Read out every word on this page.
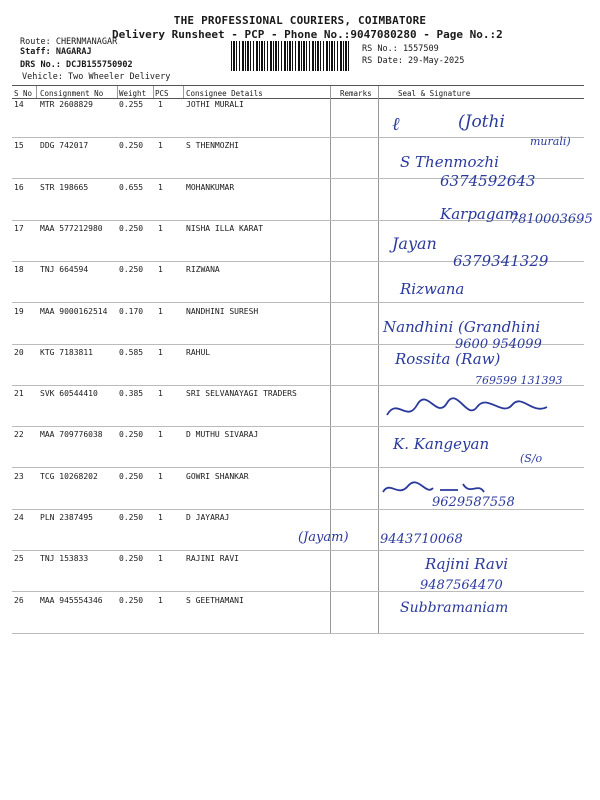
THE PROFESSIONAL COURIERS, COIMBATORE
Delivery Runsheet - PCP - Phone No.:9047080280 - Page No.:2
Route: CHERNMANAGAR
Staff: NAGARAJ
DRS No.: DCJB155750902
Vehicle: Two Wheeler Delivery
RS No.: 1557509
RS Date: 29-May-2025
S No Consignment No Weight PCS Consignee Details	Remarks	Seal & Signature
14 MTR 2608829	0.255 1	JOTHI MURALI
15 DDG 742017	0.250 1	S THENMOZHI
16 STR 198665	0.655 1	MOHANKUMAR
17 MAA 577212980 0.250 1	NISHA ILLA KARAT
18 TNJ 664594	0.250 1	RIZWANA
19 MAA 9000162514 0.170 1	NANDHINI SURESH
20 KTG 7183811	0.585 1	RAHUL
21 SVK 60544410	0.385 1	SRI SELVANAYAGI TRADERS
22 MAA 709776038 0.250 1	D MUTHU SIVARAJ
23 TCG 10268202	0.250 1	GOWRI SHANKAR
24 PLN 2387495	0.250 1	D JAYARAJ
25 TNJ 153833	0.250 1	RAJINI RAVI
26 MAA 945554346 0.250 1	S GEETHAMANI
ℓ	(Jothi
murali)
S Thenmozhi
6374592643
Karpagam
7810003695
Jayan
6379341329
Rizwana
Nandhini (Grandhini
9600 954099
Rossita (Raw)
769599 131393
K. Kangeyan
(S/o
9629587558
(Jayam) 9443710068
Rajini Ravi
9487564470
Subbramaniam
